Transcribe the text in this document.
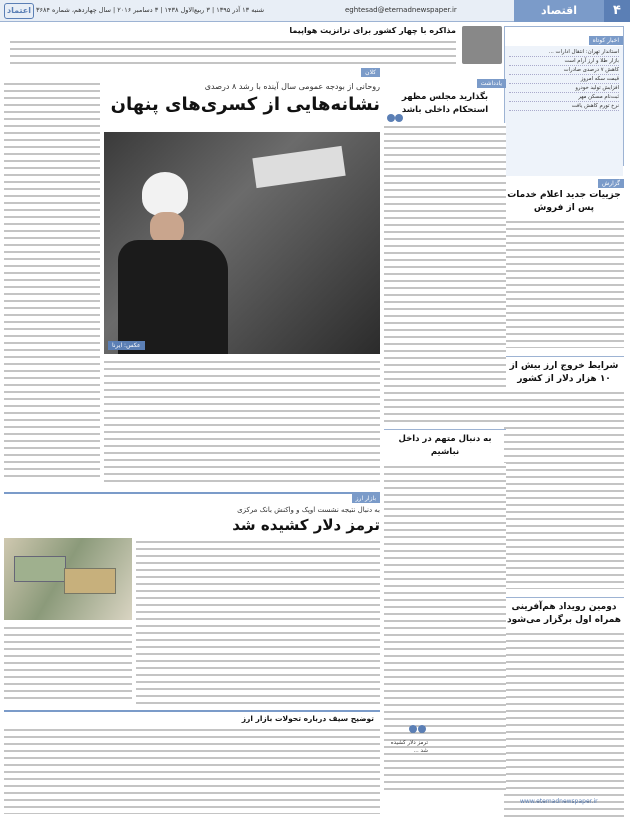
۴
اقتصاد
eghtesad@eternadnewspaper.ir
شنبه ۱۳ آذر ۱۳۹۵ | ۳ ربیع‌الاول ۱۴۳۸ | ۳ دسامبر ۲۰۱۶ | سال چهاردهم، شماره ۳۶۸۴
اعتماد
اخبار کوتاه
استاندار تهران: انتقال ادارات ...
بازار طلا و ارز آرام است
کاهش ۷ درصدی صادرات
قیمت سکه امروز
افزایش تولید خودرو
ثبت‌نام مسکن مهر
نرخ تورم کاهش یافت
گزارش
جزییات جدید اعلام خدمات پس از فروش
شرایط خروج ارز بیش از ۱۰ هزار دلار از کشور
دومین رویداد هم‌آفرینی همراه اول برگزار می‌شود
مذاکره با چهار کشور برای ترانزیت هواپیما
یادداشت
بگذارید مجلس مظهر استحکام داخلی باشد
به دنبال متهم در داخل نباشیم
کلان
روحانی از بودجه عمومی سال آینده با رشد ۸ درصدی
نشانه‌هایی از کسری‌های پنهان
عکس: ایرنا
بازار ارز
به دنبال نتیجه نشست اوپک و واکنش بانک مرکزی
ترمز دلار کشیده شد
توضیح سیف درباره تحولات بازار ارز
ترمز دلار کشیده شد ...
www.etemadnewspaper.ir
